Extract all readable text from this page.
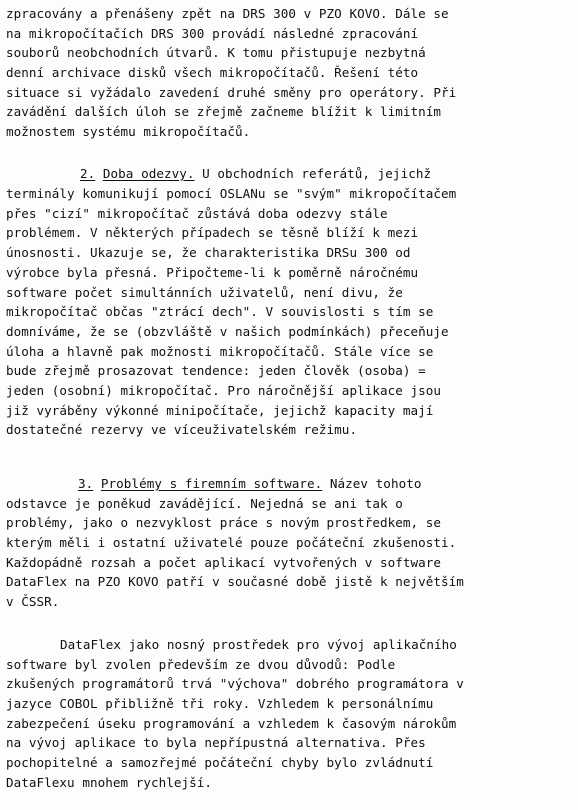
zpracovány a přenášeny zpět na DRS 300 v PZO KOVO. Dále se
na mikropočítačích DRS 300 provádí následné zpracování
souborů neobchodních útvarů. K tomu přistupuje nezbytná
denní archivace disků všech mikropočítačů. Řešení této
situace si vyžádalo zavedení druhé směny pro operátory. Při
zavádění dalších úloh se zřejmě začneme blížit k limitním
možnostem systému mikropočítačů.
2. Doba odezvy. U obchodních referátů, jejichž
terminály komunikují pomocí OSLANu se "svým" mikropočítačem
přes "cizí" mikropočítač zůstává doba odezvy stále
problémem. V některých případech se těsně blíží k mezi
únosnosti. Ukazuje se, že charakteristika DRSu 300 od
výrobce byla přesná. Připočteme-li k poměrně náročnému
software počet simultánních uživatelů, není divu, že
mikropočítač občas "ztrácí dech". V souvislosti s tím se
domníváme, že se (obzvláště v našich podmínkách) přeceňuje
úloha a hlavně pak možnosti mikropočítačů. Stále více se
bude zřejmě prosazovat tendence: jeden člověk (osoba) =
jeden (osobní) mikropočítač. Pro náročnější aplikace jsou
již vyráběny výkonné minipočítače, jejichž kapacity mají
dostatečné rezervy ve víceuživatelském režimu.
3. Problémy s firemním software. Název tohoto
odstavce je poněkud zavádějící. Nejedná se ani tak o
problémy, jako o nezvyklost práce s novým prostředkem, se
kterým měli i ostatní uživatelé pouze počáteční zkušenosti.
Každopádně rozsah a počet aplikací vytvořených v software
DataFlex na PZO KOVO patří v současné době jistě k největším
v ČSSR.
DataFlex jako nosný prostředek pro vývoj aplikačního
software byl zvolen především ze dvou důvodů: Podle
zkušených programátorů trvá "výchova" dobrého programátora v
jazyce COBOL přibližně tři roky. Vzhledem k personálnímu
zabezpečení úseku programování a vzhledem k časovým nárokům
na vývoj aplikace to byla nepřípustná alternativa. Přes
pochopitelné a samozřejmé počáteční chyby bylo zvládnutí
DataFlexu mnohem rychlejší.
